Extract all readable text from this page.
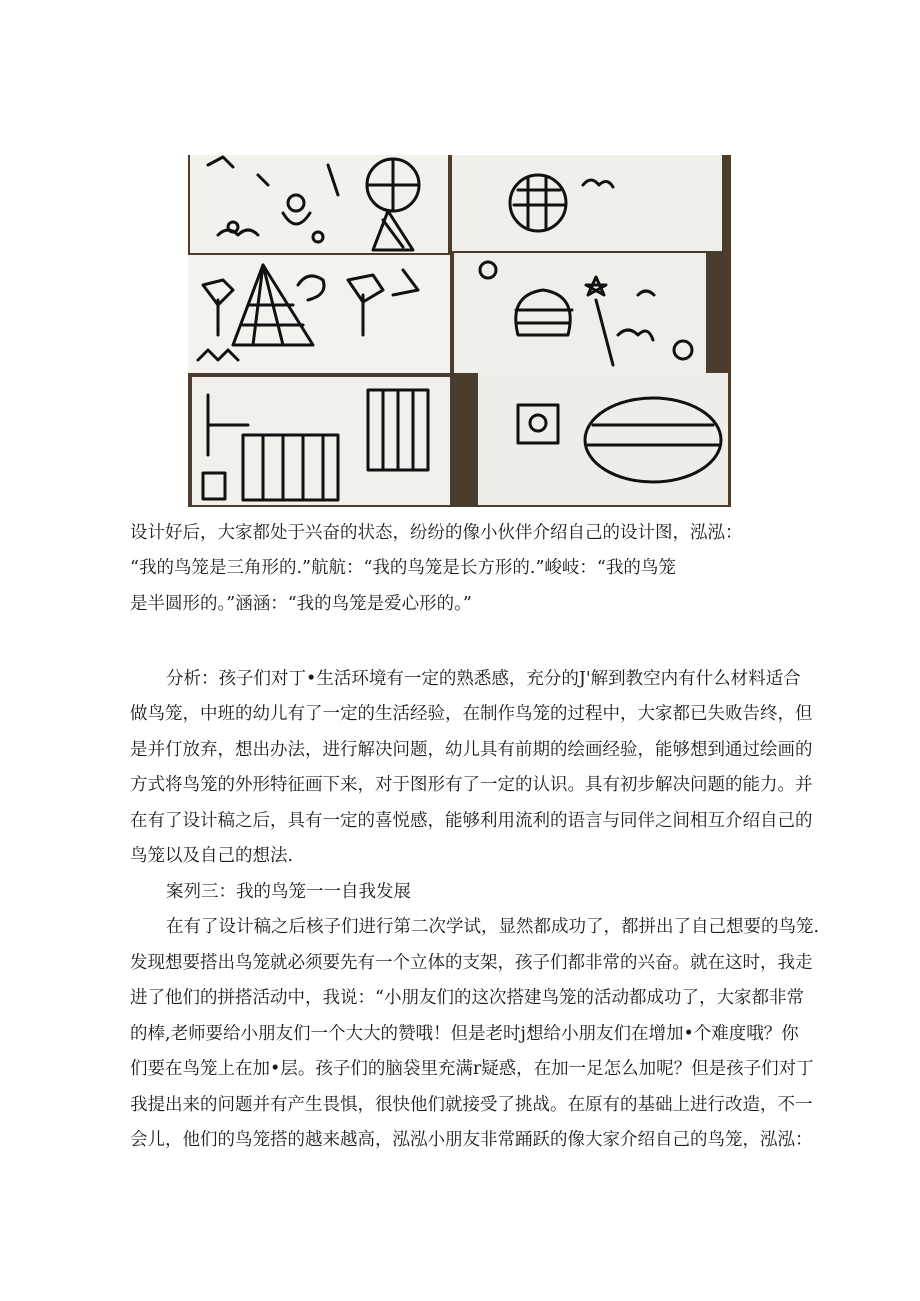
设计好后，大家都处于兴奋的状态，纷纷的像小伙伴介绍自己的设计图，泓泓：
“我的鸟笼是三角形的.”航航：“我的鸟笼是长方形的.”峻岐：“我的鸟笼
是半圆形的。”涵涵：“我的鸟笼是爱心形的。”
分析：孩子们对丁•生活环境有一定的熟悉感，充分的J'解到教空内有什么材料适合
做鸟笼，中班的幼儿有了一定的生活经验，在制作鸟笼的过程中，大家都已失败告终，但
是并仃放弃，想出办法，进行解决问题，幼儿具有前期的绘画经验，能够想到通过绘画的
方式将鸟笼的外形特征画下来，对于图形有了一定的认识。具有初步解决问题的能力。并
在有了设计稿之后，具有一定的喜悦感，能够利用流利的语言与同伴之间相互介绍自己的
鸟笼以及自己的想法.
案列三：我的鸟笼一一自我发展
在有了设计稿之后核子们进行第二次学试，显然都成功了，都拼出了自己想要的鸟笼.
发现想要搭出鸟笼就必须要先有一个立体的支架，孩子们都非常的兴奋。就在这时，我走
进了他们的拼搭活动中，我说：“小朋友们的这次搭建鸟笼的活动都成功了，大家都非常
的棒,老师要给小朋友们一个大大的赞哦！但是老时j想给小朋友们在增加•个难度哦？你
们要在鸟笼上在加•层。孩子们的脑袋里充满r疑惑，在加一足怎么加呢？但是孩子们对丁
我提出来的问题并有产生畏惧，很快他们就接受了挑战。在原有的基础上进行改造，不一
会儿，他们的鸟笼搭的越来越高，泓泓小朋友非常踊跃的像大家介绍自己的鸟笼，泓泓：
